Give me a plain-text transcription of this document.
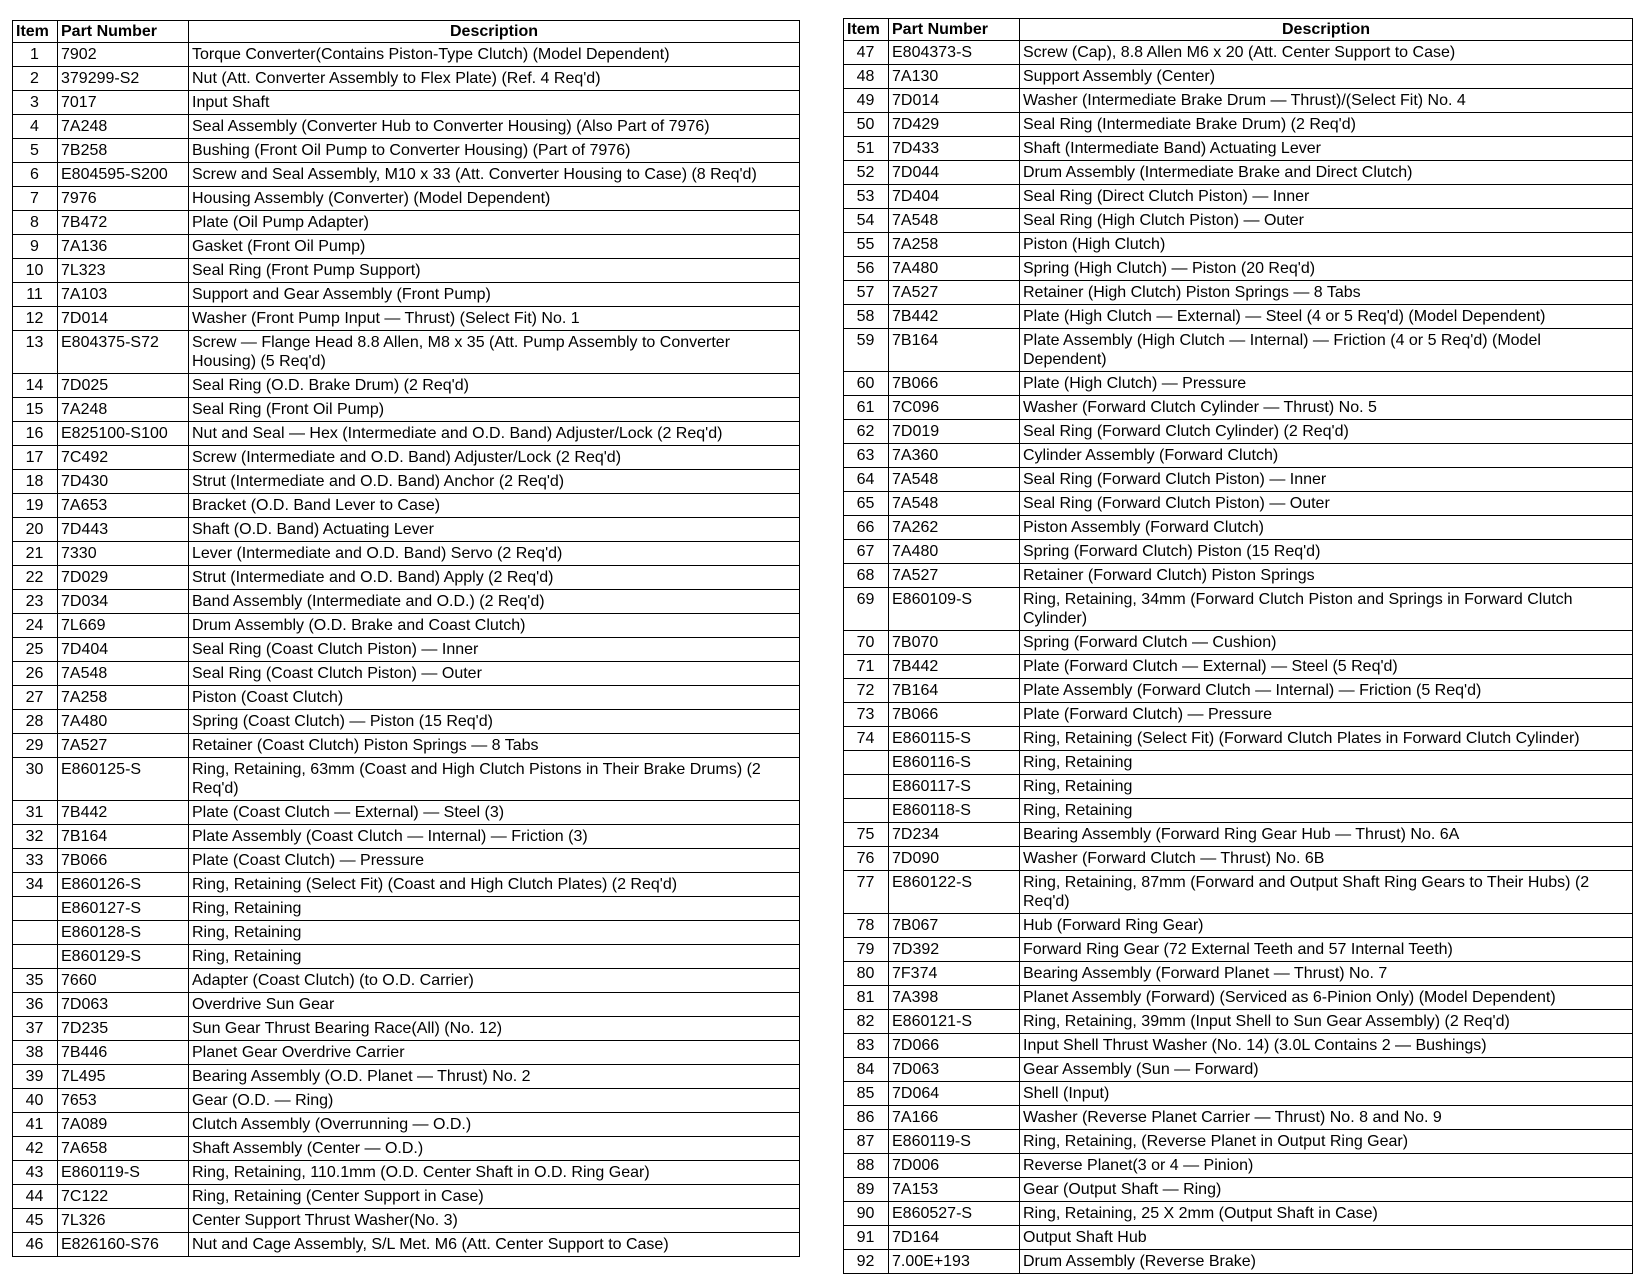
Item	Part Number	Description
1	7902	Torque Converter(Contains Piston-Type Clutch) (Model Dependent)
2	379299-S2	Nut (Att. Converter Assembly to Flex Plate) (Ref. 4 Req'd)
3	7017	Input Shaft
4	7A248	Seal Assembly (Converter Hub to Converter Housing) (Also Part of 7976)
5	7B258	Bushing (Front Oil Pump to Converter Housing) (Part of 7976)
6	E804595-S200	Screw and Seal Assembly, M10 x 33 (Att. Converter Housing to Case) (8 Req'd)
7	7976	Housing Assembly (Converter) (Model Dependent)
8	7B472	Plate (Oil Pump Adapter)
9	7A136	Gasket (Front Oil Pump)
10	7L323	Seal Ring (Front Pump Support)
11	7A103	Support and Gear Assembly (Front Pump)
12	7D014	Washer (Front Pump Input — Thrust) (Select Fit) No. 1
13	E804375-S72	Screw — Flange Head 8.8 Allen, M8 x 35 (Att. Pump Assembly to Converter Housing) (5 Req'd)
14	7D025	Seal Ring (O.D. Brake Drum) (2 Req'd)
15	7A248	Seal Ring (Front Oil Pump)
16	E825100-S100	Nut and Seal — Hex (Intermediate and O.D. Band) Adjuster/Lock (2 Req'd)
17	7C492	Screw (Intermediate and O.D. Band) Adjuster/Lock (2 Req'd)
18	7D430	Strut (Intermediate and O.D. Band) Anchor (2 Req'd)
19	7A653	Bracket (O.D. Band Lever to Case)
20	7D443	Shaft (O.D. Band) Actuating Lever
21	7330	Lever (Intermediate and O.D. Band) Servo (2 Req'd)
22	7D029	Strut (Intermediate and O.D. Band) Apply (2 Req'd)
23	7D034	Band Assembly (Intermediate and O.D.) (2 Req'd)
24	7L669	Drum Assembly (O.D. Brake and Coast Clutch)
25	7D404	Seal Ring (Coast Clutch Piston) — Inner
26	7A548	Seal Ring (Coast Clutch Piston) — Outer
27	7A258	Piston (Coast Clutch)
28	7A480	Spring (Coast Clutch) — Piston (15 Req'd)
29	7A527	Retainer (Coast Clutch) Piston Springs — 8 Tabs
30	E860125-S	Ring, Retaining, 63mm (Coast and High Clutch Pistons in Their Brake Drums) (2 Req'd)
31	7B442	Plate (Coast Clutch — External) — Steel (3)
32	7B164	Plate Assembly (Coast Clutch — Internal) — Friction (3)
33	7B066	Plate (Coast Clutch) — Pressure
34	E860126-S	Ring, Retaining (Select Fit) (Coast and High Clutch Plates) (2 Req'd)
	E860127-S	Ring, Retaining
	E860128-S	Ring, Retaining
	E860129-S	Ring, Retaining
35	7660	Adapter (Coast Clutch) (to O.D. Carrier)
36	7D063	Overdrive Sun Gear
37	7D235	Sun Gear Thrust Bearing Race(All) (No. 12)
38	7B446	Planet Gear Overdrive Carrier
39	7L495	Bearing Assembly (O.D. Planet — Thrust) No. 2
40	7653	Gear (O.D. — Ring)
41	7A089	Clutch Assembly (Overrunning — O.D.)
42	7A658	Shaft Assembly (Center — O.D.)
43	E860119-S	Ring, Retaining, 110.1mm (O.D. Center Shaft in O.D. Ring Gear)
44	7C122	Ring, Retaining (Center Support in Case)
45	7L326	Center Support Thrust Washer(No. 3)
46	E826160-S76	Nut and Cage Assembly, S/L Met. M6 (Att. Center Support to Case)
Item	Part Number	Description
47	E804373-S	Screw (Cap), 8.8 Allen M6 x 20 (Att. Center Support to Case)
48	7A130	Support Assembly (Center)
49	7D014	Washer (Intermediate Brake Drum — Thrust)/(Select Fit) No. 4
50	7D429	Seal Ring (Intermediate Brake Drum) (2 Req'd)
51	7D433	Shaft (Intermediate Band) Actuating Lever
52	7D044	Drum Assembly (Intermediate Brake and Direct Clutch)
53	7D404	Seal Ring (Direct Clutch Piston) — Inner
54	7A548	Seal Ring (High Clutch Piston) — Outer
55	7A258	Piston (High Clutch)
56	7A480	Spring (High Clutch) — Piston (20 Req'd)
57	7A527	Retainer (High Clutch) Piston Springs — 8 Tabs
58	7B442	Plate (High Clutch — External) — Steel (4 or 5 Req'd) (Model Dependent)
59	7B164	Plate Assembly (High Clutch — Internal) — Friction (4 or 5 Req'd) (Model Dependent)
60	7B066	Plate (High Clutch) — Pressure
61	7C096	Washer (Forward Clutch Cylinder — Thrust) No. 5
62	7D019	Seal Ring (Forward Clutch Cylinder) (2 Req'd)
63	7A360	Cylinder Assembly (Forward Clutch)
64	7A548	Seal Ring (Forward Clutch Piston) — Inner
65	7A548	Seal Ring (Forward Clutch Piston) — Outer
66	7A262	Piston Assembly (Forward Clutch)
67	7A480	Spring (Forward Clutch) Piston (15 Req'd)
68	7A527	Retainer (Forward Clutch) Piston Springs
69	E860109-S	Ring, Retaining, 34mm (Forward Clutch Piston and Springs in Forward Clutch Cylinder)
70	7B070	Spring (Forward Clutch — Cushion)
71	7B442	Plate (Forward Clutch — External) — Steel (5 Req'd)
72	7B164	Plate Assembly (Forward Clutch — Internal) — Friction (5 Req'd)
73	7B066	Plate (Forward Clutch) — Pressure
74	E860115-S	Ring, Retaining (Select Fit) (Forward Clutch Plates in Forward Clutch Cylinder)
	E860116-S	Ring, Retaining
	E860117-S	Ring, Retaining
	E860118-S	Ring, Retaining
75	7D234	Bearing Assembly (Forward Ring Gear Hub — Thrust) No. 6A
76	7D090	Washer (Forward Clutch — Thrust) No. 6B
77	E860122-S	Ring, Retaining, 87mm (Forward and Output Shaft Ring Gears to Their Hubs) (2 Req'd)
78	7B067	Hub (Forward Ring Gear)
79	7D392	Forward Ring Gear (72 External Teeth and 57 Internal Teeth)
80	7F374	Bearing Assembly (Forward Planet — Thrust) No. 7
81	7A398	Planet Assembly (Forward) (Serviced as 6-Pinion Only) (Model Dependent)
82	E860121-S	Ring, Retaining, 39mm (Input Shell to Sun Gear Assembly) (2 Req'd)
83	7D066	Input Shell Thrust Washer (No. 14) (3.0L Contains 2 — Bushings)
84	7D063	Gear Assembly (Sun — Forward)
85	7D064	Shell (Input)
86	7A166	Washer (Reverse Planet Carrier — Thrust) No. 8 and No. 9
87	E860119-S	Ring, Retaining, (Reverse Planet in Output Ring Gear)
88	7D006	Reverse Planet(3 or 4 — Pinion)
89	7A153	Gear (Output Shaft — Ring)
90	E860527-S	Ring, Retaining, 25 X 2mm (Output Shaft in Case)
91	7D164	Output Shaft Hub
92	7.00E+193	Drum Assembly (Reverse Brake)
